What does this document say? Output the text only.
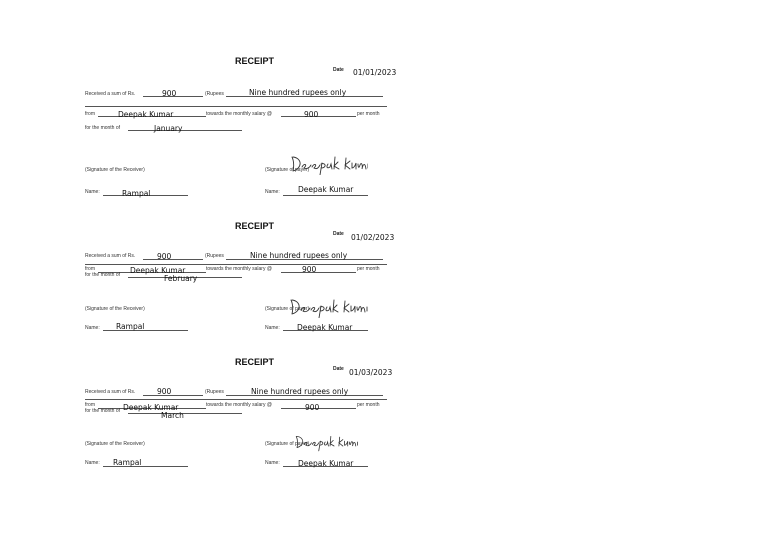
RECEIPT
Date 01/01/2023
Received a sum of Rs.	900	(Rupees	Nine hundred rupees only
from	Deepak Kumar	towards the monthly salary @	900	per month
for the month of	January
(Signature of the Receiver)	(Signature of payer)
Name:	Rampal	Name: Deepak Kumar
RECEIPT
Date 01/02/2023
Received a sum of Rs.	900	(Rupees	Nine hundred rupees only
from	Deepak Kumar	towards the monthly salary @	900	per month
for the month of	February
(Signature of the Receiver)	(Signature of payer)
Name: Rampal	Name: Deepak Kumar
RECEIPT
Date 01/03/2023
Received a sum of Rs.	900	(Rupees	Nine hundred rupees only
from	Deepak Kumar	towards the monthly salary @	900	per month
for the month of	March
(Signature of the Receiver)	(Signature of payer)
Name: Rampal	Name: Deepak Kumar
